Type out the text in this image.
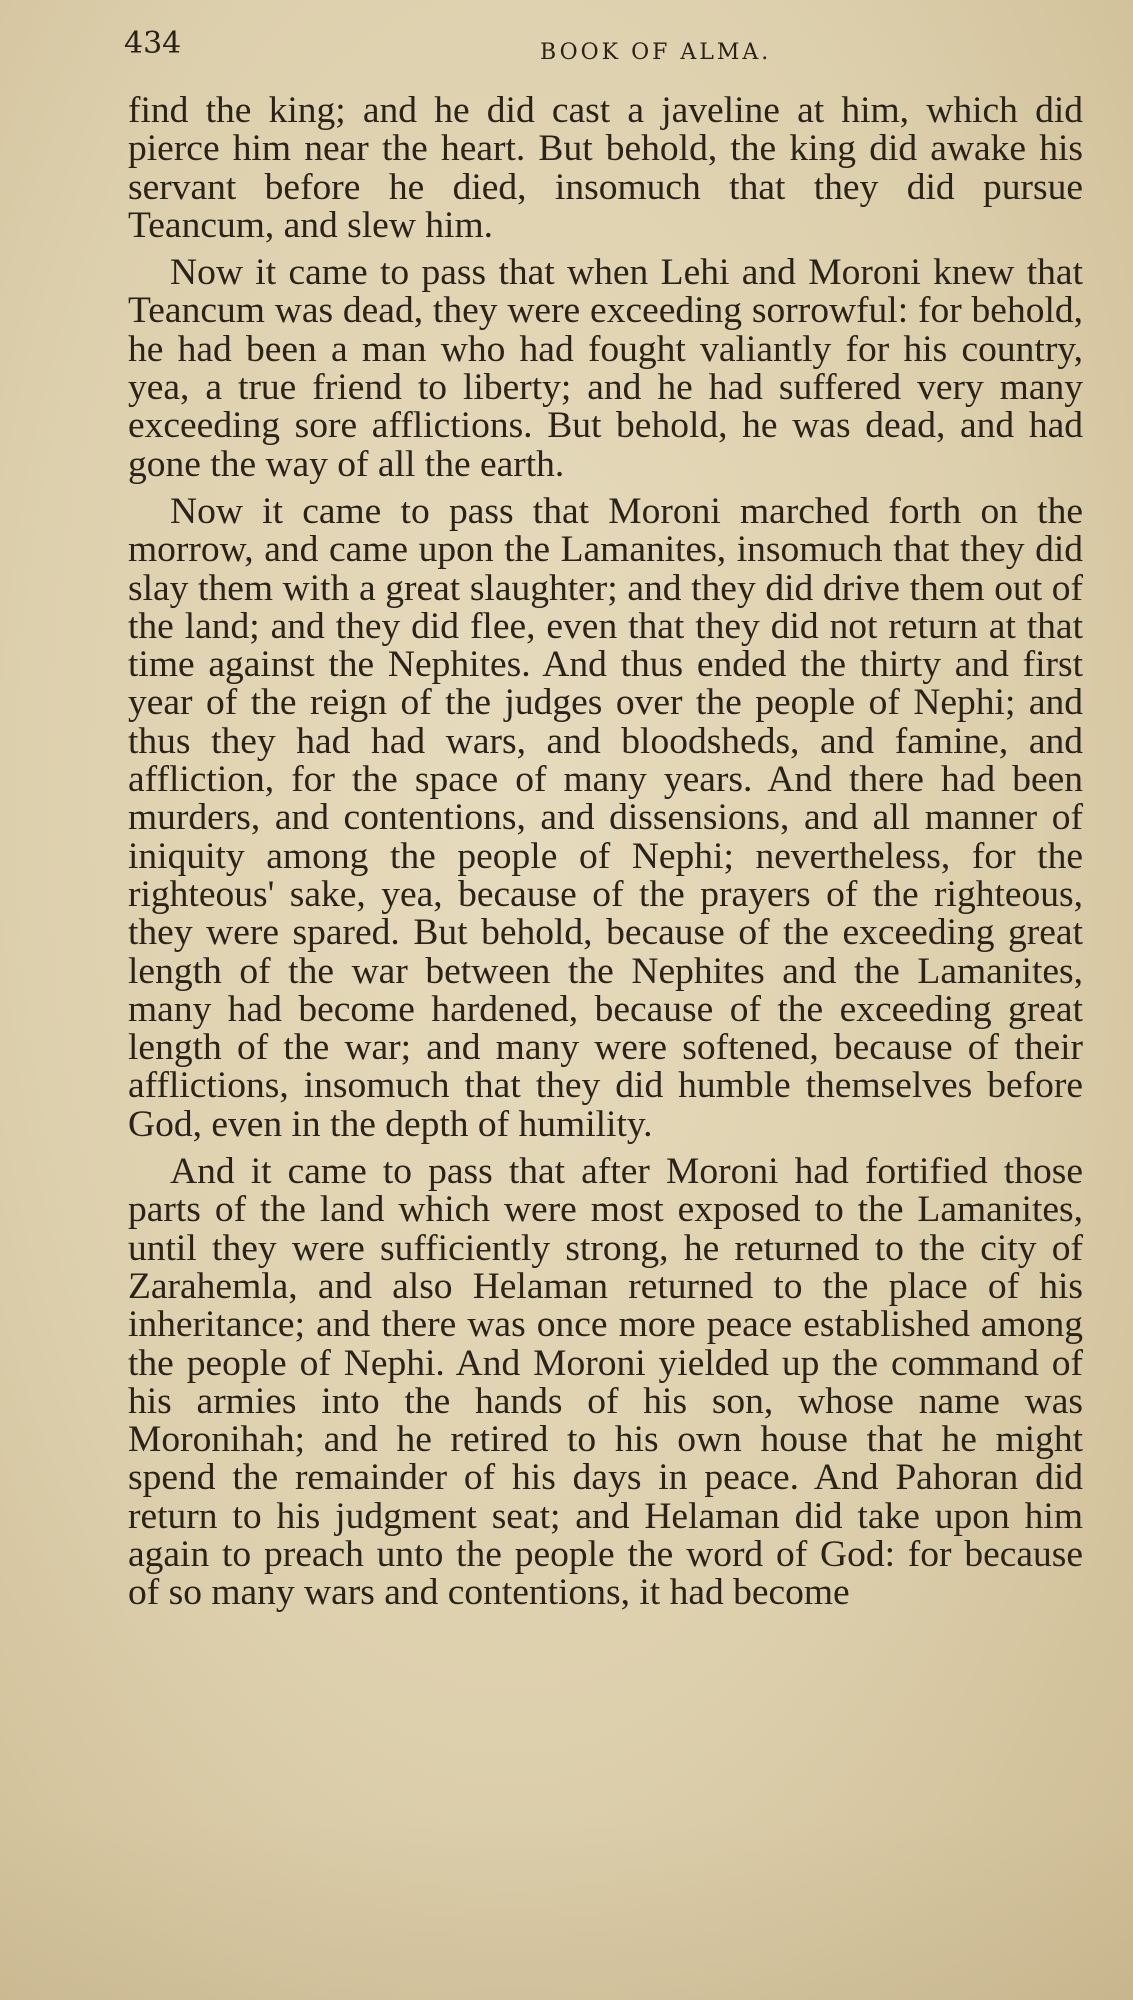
434	BOOK OF ALMA.

find the king; and he did cast a javeline at him, which did pierce him near the heart. But behold, the king did awake his servant before he died, insomuch that they did pursue Teancum, and slew him.

Now it came to pass that when Lehi and Moroni knew that Teancum was dead, they were exceeding sorrowful: for behold, he had been a man who had fought valiantly for his country, yea, a true friend to liberty; and he had suffered very many exceeding sore afflictions. But behold, he was dead, and had gone the way of all the earth.

Now it came to pass that Moroni marched forth on the morrow, and came upon the Lamanites, insomuch that they did slay them with a great slaughter; and they did drive them out of the land; and they did flee, even that they did not return at that time against the Nephites. And thus ended the thirty and first year of the reign of the judges over the people of Nephi; and thus they had had wars, and bloodsheds, and famine, and affliction, for the space of many years. And there had been murders, and contentions, and dissensions, and all manner of iniquity among the people of Nephi; nevertheless, for the righteous' sake, yea, because of the prayers of the righteous, they were spared. But behold, because of the exceeding great length of the war between the Nephites and the Lamanites, many had become hardened, because of the exceeding great length of the war; and many were softened, because of their afflictions, insomuch that they did humble themselves before God, even in the depth of humility.

And it came to pass that after Moroni had fortified those parts of the land which were most exposed to the Lamanites, until they were sufficiently strong, he returned to the city of Zarahemla, and also Helaman returned to the place of his inheritance; and there was once more peace established among the people of Nephi. And Moroni yielded up the command of his armies into the hands of his son, whose name was Moronihah; and he retired to his own house that he might spend the remainder of his days in peace. And Pahoran did return to his judgment seat; and Helaman did take upon him again to preach unto the people the word of God: for because of so many wars and contentions, it had become
